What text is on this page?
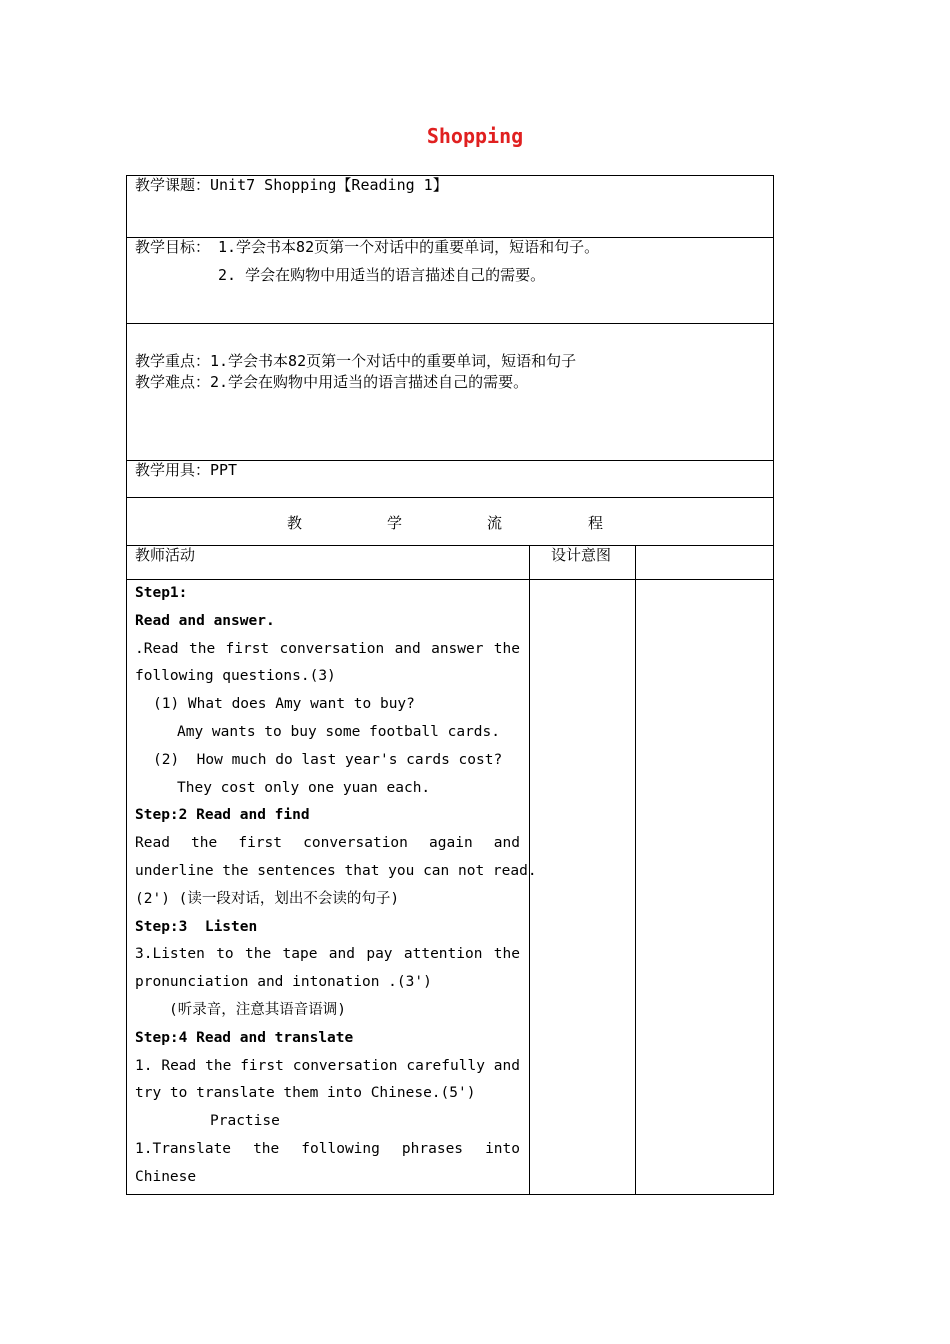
Shopping
教学课题：Unit7 Shopping【Reading 1】
教学目标： 1.学会书本82页第一个对话中的重要单词，短语和句子。
2. 学会在购物中用适当的语言描述自己的需要。
教学重点：1.学会书本82页第一个对话中的重要单词，短语和句子
教学难点：2.学会在购物中用适当的语言描述自己的需要。
教学用具：PPT
教	学	流	程
教师活动	设计意图
Step1:
Read and answer.
.Read the first conversation and answer the
following questions.(3)
(1) What does Amy want to buy?
Amy wants to buy some football cards.
(2)  How much do last year's cards cost?
They cost only one yuan each.
Step:2 Read and find
Read the first conversation again and
underline the sentences that you can not read.
(2') (读一段对话，划出不会读的句子)
Step:3  Listen
3.Listen to the tape and pay attention the
pronunciation and intonation .(3')
(听录音，注意其语音语调)
Step:4 Read and translate
1. Read the first conversation carefully and
try to translate them into Chinese.(5')
Practise
1.Translate the following phrases into
Chinese
